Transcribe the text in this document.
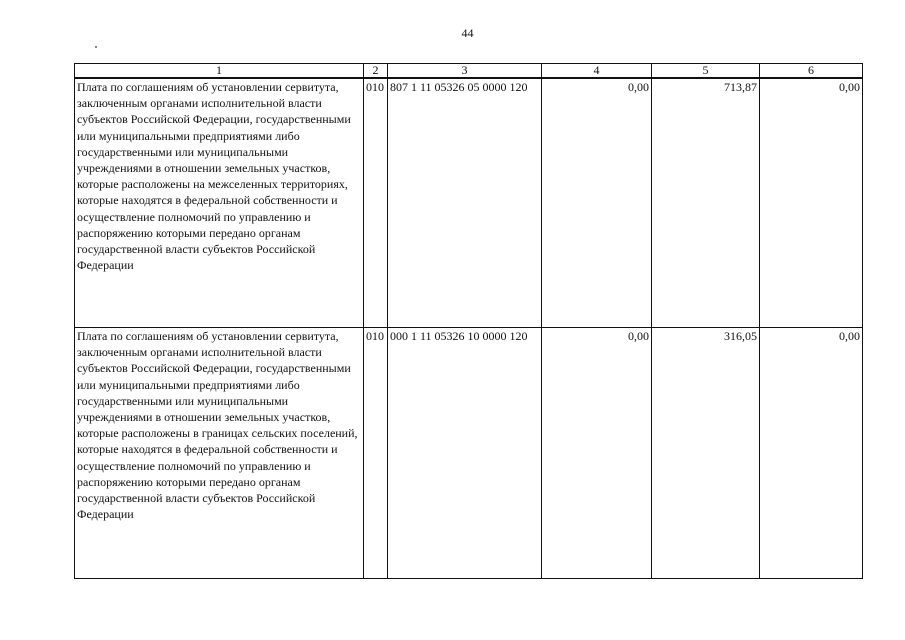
44
1	2	3	4	5	6
Плата по соглашениям об установлении сервитута, заключенным органами исполнительной власти субъектов Российской Федерации, государственными или муниципальными предприятиями либо государственными или муниципальными учреждениями в отношении земельных участков, которые расположены на межселенных территориях, которые находятся в федеральной собственности и осуществление полномочий по управлению и распоряжению которыми передано органам государственной власти субъектов Российской Федерации	010	807 1 11 05326 05 0000 120	0,00	713,87	0,00
Плата по соглашениям об установлении сервитута, заключенным органами исполнительной власти субъектов Российской Федерации, государственными или муниципальными предприятиями либо государственными или муниципальными учреждениями в отношении земельных участков, которые расположены в границах сельских поселений, которые находятся в федеральной собственности и осуществление полномочий по управлению и распоряжению которыми передано органам государственной власти субъектов Российской Федерации	010	000 1 11 05326 10 0000 120	0,00	316,05	0,00
